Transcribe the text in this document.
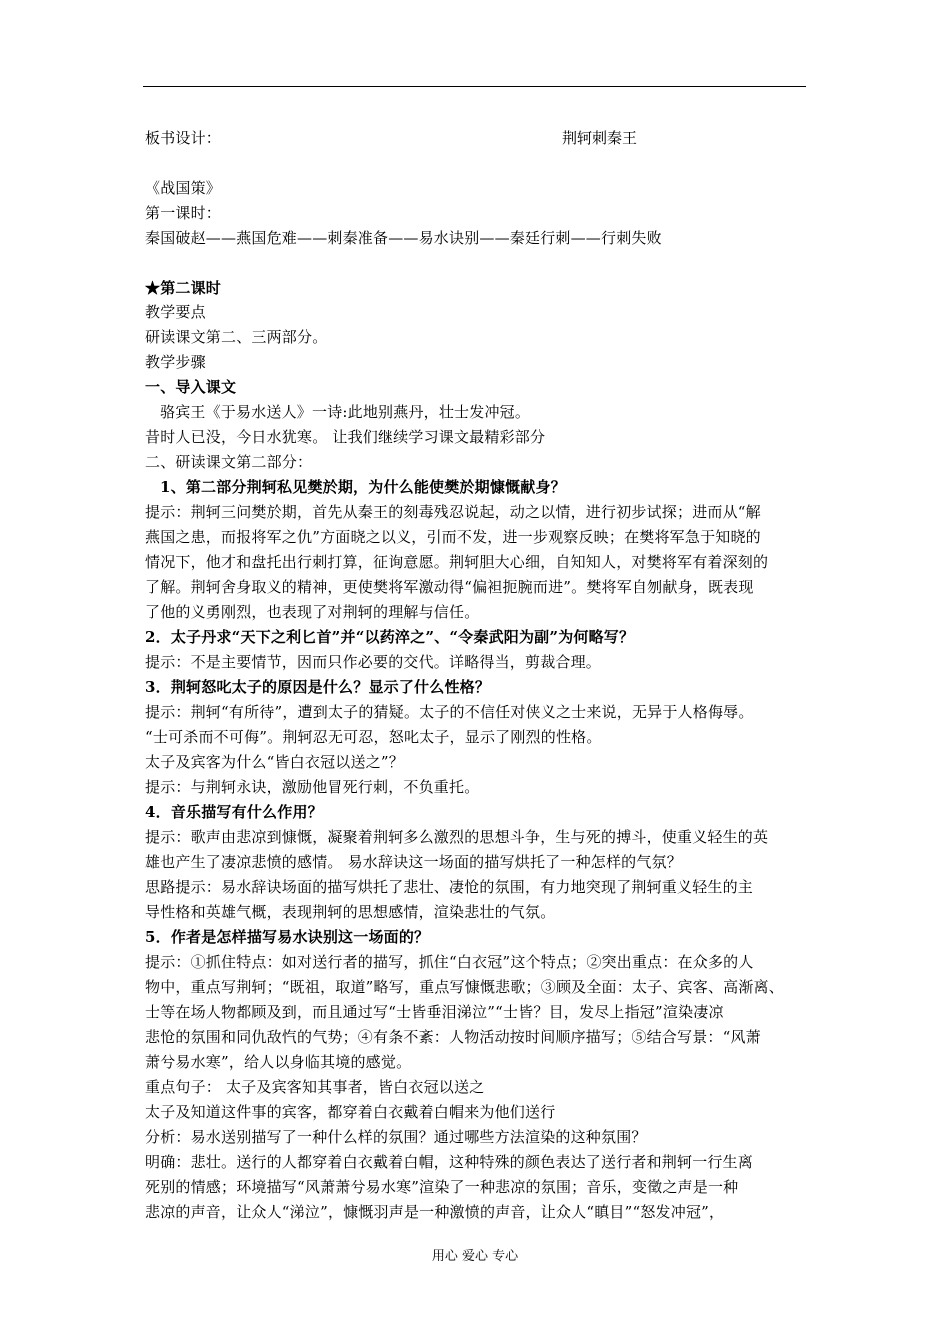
板书设计：	荆轲刺秦王
《战国策》
第一课时：
秦国破赵——燕国危难——刺秦准备——易水诀别——秦廷行刺——行刺失败
★第二课时
教学要点
研读课文第二、三两部分。
教学步骤
一、导入课文
骆宾王《于易水送人》一诗:此地别燕丹，壮士发冲冠。
昔时人已没，今日水犹寒。 让我们继续学习课文最精彩部分
二、研读课文第二部分：
1、第二部分荆轲私见樊於期，为什么能使樊於期慷慨献身？
提示：荆轲三问樊於期，首先从秦王的刻毒残忍说起，动之以情，进行初步试探；进而从“解
燕国之患，而报将军之仇”方面晓之以义，引而不发，进一步观察反映；在樊将军急于知晓的
情况下，他才和盘托出行刺打算，征询意愿。荆轲胆大心细，自知知人，对樊将军有着深刻的
了解。荆轲舍身取义的精神，更使樊将军激动得“偏袒扼腕而进”。樊将军自刎献身，既表现
了他的义勇刚烈，也表现了对荆轲的理解与信任。
2．太子丹求“天下之利匕首”并“以药淬之”、“令秦武阳为副”为何略写？
提示：不是主要情节，因而只作必要的交代。详略得当，剪裁合理。
3．荆轲怒叱太子的原因是什么？显示了什么性格？
提示：荆轲“有所待”，遭到太子的猜疑。太子的不信任对侠义之士来说，无异于人格侮辱。
“士可杀而不可侮”。荆轲忍无可忍，怒叱太子，显示了刚烈的性格。
太子及宾客为什么“皆白衣冠以送之”？
提示：与荆轲永诀，激励他冒死行刺，不负重托。
4．音乐描写有什么作用？
提示：歌声由悲凉到慷慨，凝聚着荆轲多么激烈的思想斗争，生与死的搏斗，使重义轻生的英
雄也产生了凄凉悲愤的感情。 易水辞诀这一场面的描写烘托了一种怎样的气氛？
思路提示：易水辞诀场面的描写烘托了悲壮、凄怆的氛围，有力地突现了荆轲重义轻生的主
导性格和英雄气概，表现荆轲的思想感情，渲染悲壮的气氛。
5．作者是怎样描写易水诀别这一场面的？
提示：①抓住特点：如对送行者的描写，抓住“白衣冠”这个特点；②突出重点：在众多的人
物中，重点写荆轲；“既祖，取道”略写，重点写慷慨悲歌；③顾及全面：太子、宾客、高渐离、
士等在场人物都顾及到，而且通过写“士皆垂泪涕泣”“士皆？目，发尽上指冠”渲染凄凉
悲怆的氛围和同仇敌忾的气势；④有条不紊：人物活动按时间顺序描写；⑤结合写景：“风萧
萧兮易水寒”，给人以身临其境的感觉。
重点句子： 太子及宾客知其事者，皆白衣冠以送之
太子及知道这件事的宾客，都穿着白衣戴着白帽来为他们送行
分析：易水送别描写了一种什么样的氛围？通过哪些方法渲染的这种氛围？
明确：悲壮。送行的人都穿着白衣戴着白帽，这种特殊的颜色表达了送行者和荆轲一行生离
死别的情感；环境描写“风萧萧兮易水寒”渲染了一种悲凉的氛围；音乐，变徵之声是一种
悲凉的声音，让众人“涕泣”，慷慨羽声是一种激愤的声音，让众人“瞋目”“怒发冲冠”，
用心 爱心 专心
